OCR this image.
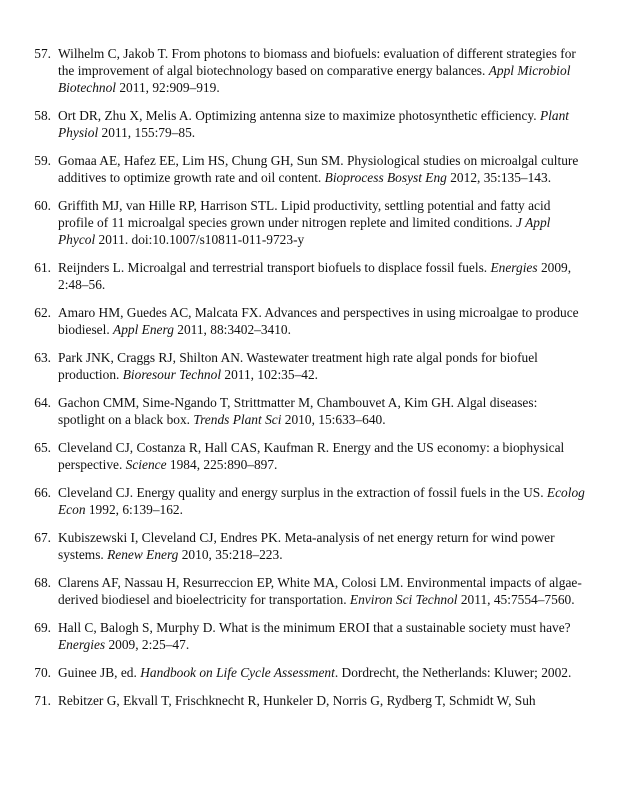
57. Wilhelm C, Jakob T. From photons to biomass and biofuels: evaluation of different strategies for the improvement of algal biotechnology based on comparative energy balances. Appl Microbiol Biotechnol 2011, 92:909–919.
58. Ort DR, Zhu X, Melis A. Optimizing antenna size to maximize photosynthetic efficiency. Plant Physiol 2011, 155:79–85.
59. Gomaa AE, Hafez EE, Lim HS, Chung GH, Sun SM. Physiological studies on microalgal culture additives to optimize growth rate and oil content. Bioprocess Bosyst Eng 2012, 35:135–143.
60. Griffith MJ, van Hille RP, Harrison STL. Lipid productivity, settling potential and fatty acid profile of 11 microalgal species grown under nitrogen replete and limited conditions. J Appl Phycol 2011. doi:10.1007/s10811-011-9723-y
61. Reijnders L. Microalgal and terrestrial transport biofuels to displace fossil fuels. Energies 2009, 2:48–56.
62. Amaro HM, Guedes AC, Malcata FX. Advances and perspectives in using microalgae to produce biodiesel. Appl Energ 2011, 88:3402–3410.
63. Park JNK, Craggs RJ, Shilton AN. Wastewater treatment high rate algal ponds for biofuel production. Bioresour Technol 2011, 102:35–42.
64. Gachon CMM, Sime-Ngando T, Strittmatter M, Chambouvet A, Kim GH. Algal diseases: spotlight on a black box. Trends Plant Sci 2010, 15:633–640.
65. Cleveland CJ, Costanza R, Hall CAS, Kaufman R. Energy and the US economy: a biophysical perspective. Science 1984, 225:890–897.
66. Cleveland CJ. Energy quality and energy surplus in the extraction of fossil fuels in the US. Ecolog Econ 1992, 6:139–162.
67. Kubiszewski I, Cleveland CJ, Endres PK. Meta-analysis of net energy return for wind power systems. Renew Energ 2010, 35:218–223.
68. Clarens AF, Nassau H, Resurreccion EP, White MA, Colosi LM. Environmental impacts of algae-derived biodiesel and bioelectricity for transportation. Environ Sci Technol 2011, 45:7554–7560.
69. Hall C, Balogh S, Murphy D. What is the minimum EROI that a sustainable society must have? Energies 2009, 2:25–47.
70. Guinee JB, ed. Handbook on Life Cycle Assessment. Dordrecht, the Netherlands: Kluwer; 2002.
71. Rebitzer G, Ekvall T, Frischknecht R, Hunkeler D, Norris G, Rydberg T, Schmidt W, Suh
